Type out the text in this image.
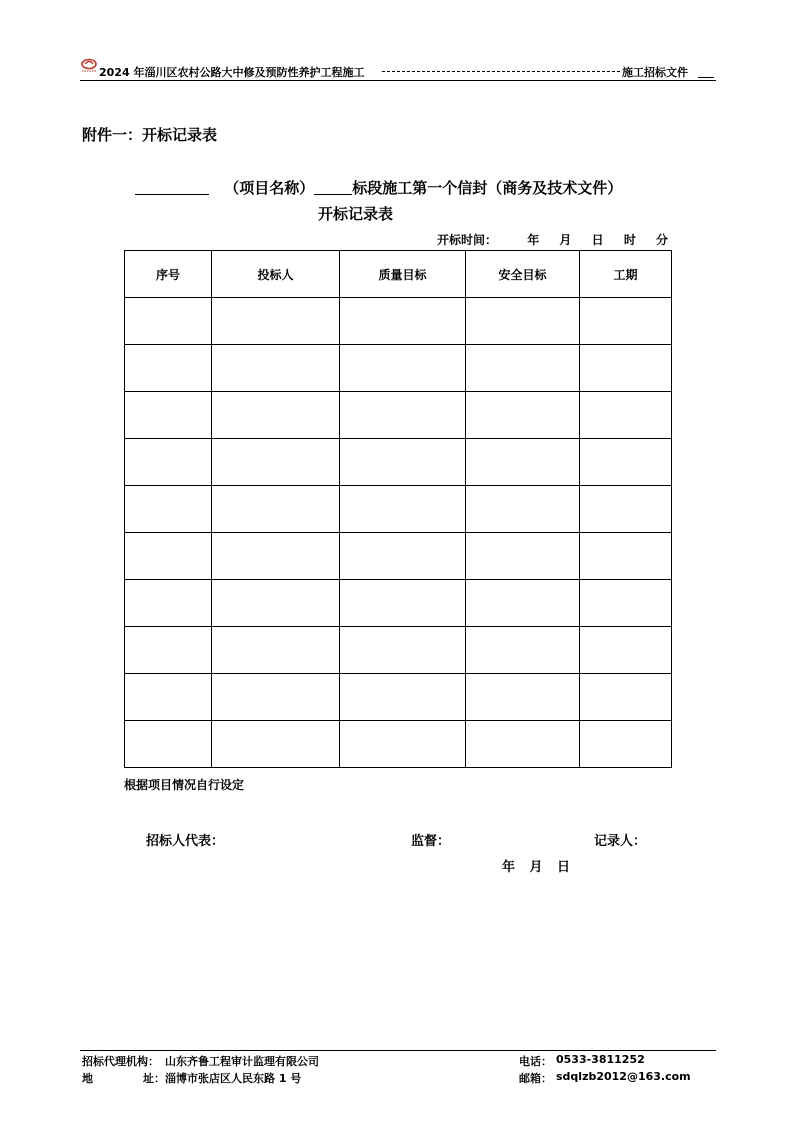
2024 年淄川区农村公路大中修及预防性养护工程施工	施工招标文件
附件一：开标记录表
（项目名称）	标段施工第一个信封（商务及技术文件）
开标记录表
开标时间：	年 月 日 时 分
序号	投标人	质量目标	安全目标	工期

根据项目情况自行设定
招标人代表：	监督：	记录人：
年 月 日
招标代理机构： 山东齐鲁工程审计监理有限公司	电话： 0533-3811252
地	址： 淄博市张店区人民东路 1 号	邮箱： sdqlzb2012@163.com
